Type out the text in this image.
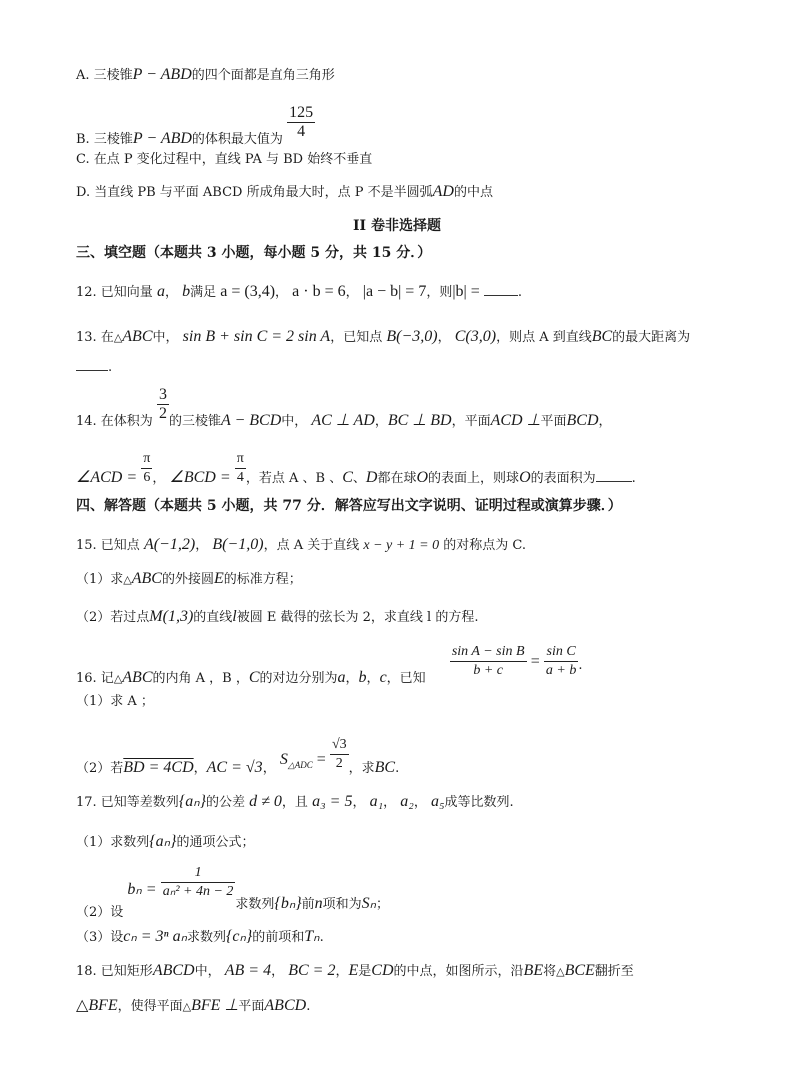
A. 三棱锥P − ABD的四个面都是直角三角形
B. 三棱锥P − ABD的体积最大值为 $\frac{125}{4}$
C. 在点 P 变化过程中，直线 PA 与 BD 始终不垂直
D. 当直线 PB 与平面 ABCD 所成角最大时，点 P 不是半圆弧AD的中点
II 卷非选择题
三、填空题（本题共 3 小题，每小题 5 分，共 15 分．）
12. 已知向量 a， b满足 a = (3,4)， a · b = 6， |a − b| = 7，则|b| =	.
13. 在△ABC中， sin B + sin C = 2 sin A，已知点 B(−3,0)， C(3,0)，则点 A 到直线BC的最大距离为
.
14. 在体积为 $\frac{3}{2}$ 的三棱锥A − BCD中， AC ⊥ AD，BC ⊥ BD，平面ACD ⊥平面BCD，
∠ACD = $\frac{\pi}{6}$ ， ∠BCD = $\frac{\pi}{4}$ ，若点 A 、B 、C、D都在球O的表面上，则球O的表面积为	.
四、解答题（本题共 5 小题，共 77 分．解答应写出文字说明、证明过程或演算步骤．）
15. 已知点 A(−1,2)， B(−1,0)，点 A 关于直线 x − y + 1 = 0 的对称点为 C.
（1）求△ABC的外接圆E的标准方程；
（2）若过点M(1,3)的直线l被圆 E 截得的弦长为 2，求直线 l 的方程.
16. 记$_\triangle$ABC的内角 A ，B ，C的对边分别为a，b，c，已知 $\frac{\text{sin A − sin B}}{b + c} = \frac{\text{sin C}}{a + b}$ .
（1）求 A ；
（2）若BD = 4CD，AC = √3， $S_{\triangle ADC} = \frac{√3}{2}$ ，求BC.
17. 已知等差数列{aₙ}的公差 d ≠ 0，且 a₃ = 5， a₁， a₂， a₅成等比数列.
（1）求数列{aₙ}的通项公式；
（2）设 $b_n = \frac{1}{\text{aₙ² + 4n − 2}}$
求数列{bₙ}前n项和为Sₙ；
（3）设cₙ = 3ⁿ aₙ求数列{cₙ}的前项和Tₙ.
18. 已知矩形ABCD中， AB = 4， BC = 2，E是CD的中点，如图所示，沿BE将△BCE翻折至
△BFE，使得平面△BFE ⊥平面ABCD.
